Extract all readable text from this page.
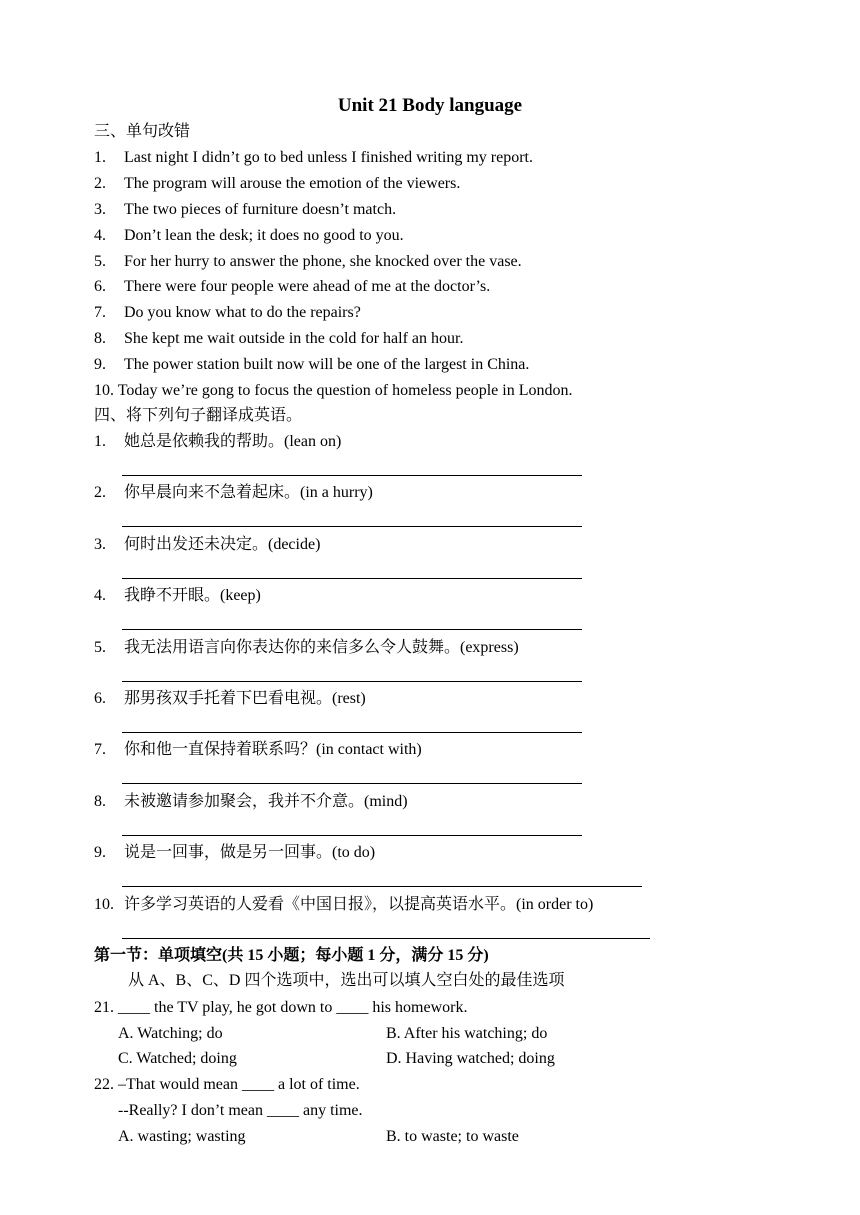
Unit 21 Body language
三、单句改错
1. Last night I didn’t go to bed unless I finished writing my report.
2. The program will arouse the emotion of the viewers.
3. The two pieces of furniture doesn’t match.
4. Don’t lean the desk; it does no good to you.
5. For her hurry to answer the phone, she knocked over the vase.
6. There were four people were ahead of me at the doctor’s.
7. Do you know what to do the repairs?
8. She kept me wait outside in the cold for half an hour.
9. The power station built now will be one of the largest in China.
10. Today we’re gong to focus the question of homeless people in London.
四、将下列句子翻译成英语。
1. 她总是依赖我的帮助。(lean on)
2. 你早晨向来不急着起床。(in a hurry)
3. 何时出发还未决定。(decide)
4. 我睁不开眼。(keep)
5. 我无法用语言向你表达你的来信多么令人鼓舞。(express)
6. 那男孩双手托着下巴看电视。(rest)
7. 你和他一直保持着联系吗？(in contact with)
8. 未被邀请参加聚会，我并不介意。(mind)
9. 说是一回事，做是另一回事。(to do)
10. 许多学习英语的人爱看《中国日报》，以提高英语水平。(in order to)
第一节：单项填空(共 15 小题；每小题 1 分，满分 15 分)
从 A、B、C、D 四个选项中，选出可以填人空白处的最佳选项
21. ____ the TV play, he got down to ____ his homework.
A. Watching; do	B. After his watching; do
C. Watched; doing	D. Having watched; doing
22. –That would mean ____ a lot of time.
--Really? I don’t mean ____ any time.
A. wasting; wasting	B. to waste; to waste
